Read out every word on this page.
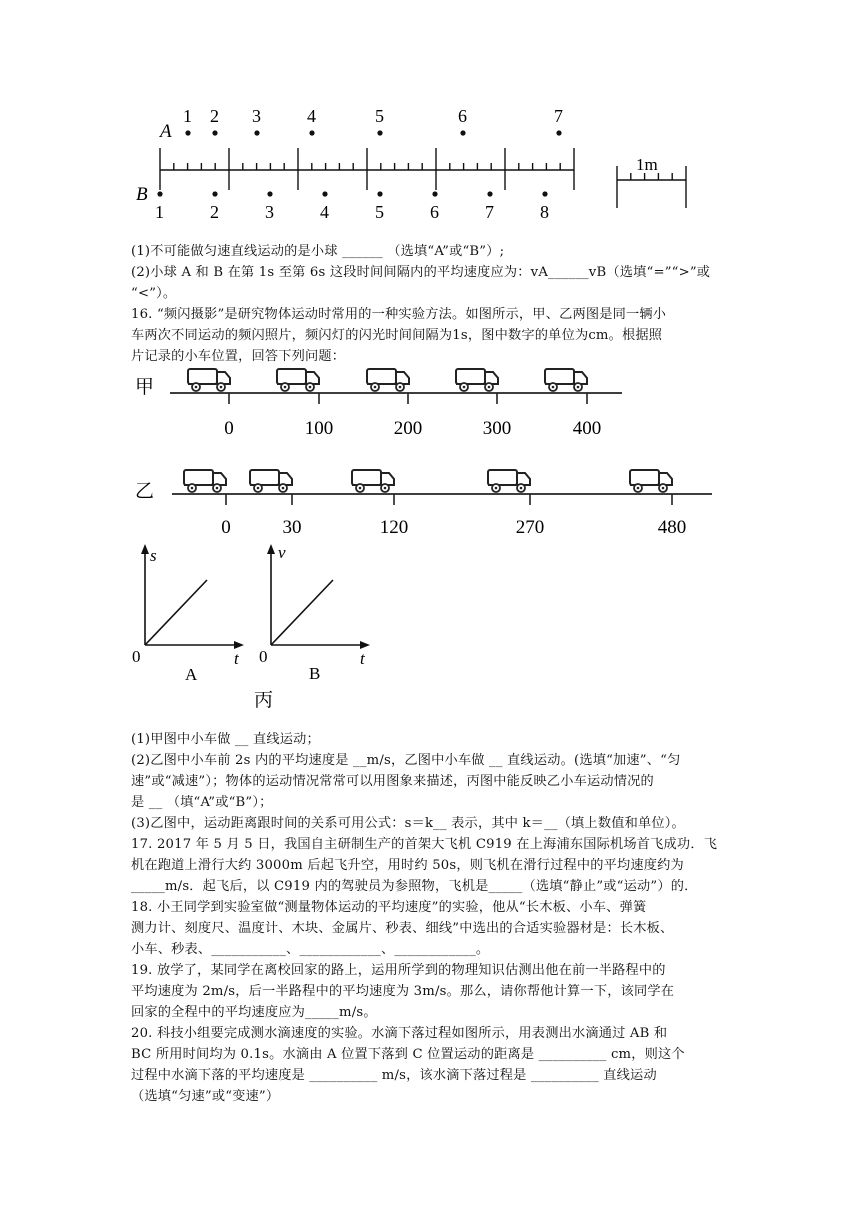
A
B
1 2 3	4	5	6	7
1	2	3	4	5	6	7	8
1m
甲
0	100	200	300	400
乙
0	30	120	270	480
s
t
0
A
v
t
0
B
丙

(1)不可能做匀速直线运动的是小球 ______ （选填“A”或“B”）;

(2)小球 A 和 B 在第 1s 至第 6s 这段时间间隔内的平均速度应为：vA______vB（选填“=”“>”或

“<”）。

16. “频闪摄影”是研究物体运动时常用的一种实验方法。如图所示，甲、乙两图是同一辆小

车两次不同运动的频闪照片，频闪灯的闪光时间间隔为1s，图中数字的单位为cm。根据照

片记录的小车位置，回答下列问题：

(1)甲图中小车做 __ 直线运动；

(2)乙图中小车前 2s 内的平均速度是 __m/s，乙图中小车做 __ 直线运动。(选填“加速”、“匀

速”或“减速”）；物体的运动情况常常可以用图象来描述，丙图中能反映乙小车运动情况的

是 __ （填“A”或“B”）；

(3)乙图中，运动距离跟时间的关系可用公式：s＝k__ 表示，其中 k＝__（填上数值和单位）。

17. 2017 年 5 月 5 日，我国自主研制生产的首架大飞机 C919 在上海浦东国际机场首飞成功．飞

机在跑道上滑行大约 3000m 后起飞升空，用时约 50s，则飞机在滑行过程中的平均速度约为

_____m/s．起飞后，以 C919 内的驾驶员为参照物，飞机是_____（选填“静止”或“运动”）的．

18. 小王同学到实验室做“测量物体运动的平均速度”的实验，他从“长木板、小车、弹簧

测力计、刻度尺、温度计、木块、金属片、秒表、细线”中选出的合适实验器材是：长木板、

小车、秒表、___________、____________、____________。

19. 放学了，某同学在离校回家的路上，运用所学到的物理知识估测出他在前一半路程中的

平均速度为 2m/s，后一半路程中的平均速度为 3m/s。那么，请你帮他计算一下，该同学在

回家的全程中的平均速度应为_____m/s。

20. 科技小组要完成测水滴速度的实验。水滴下落过程如图所示，用表测出水滴通过 AB 和

BC 所用时间均为 0.1s。水滴由 A 位置下落到 C 位置运动的距离是 __________ cm，则这个

过程中水滴下落的平均速度是 __________ m/s，该水滴下落过程是 __________ 直线运动

（选填“匀速”或“变速”）
